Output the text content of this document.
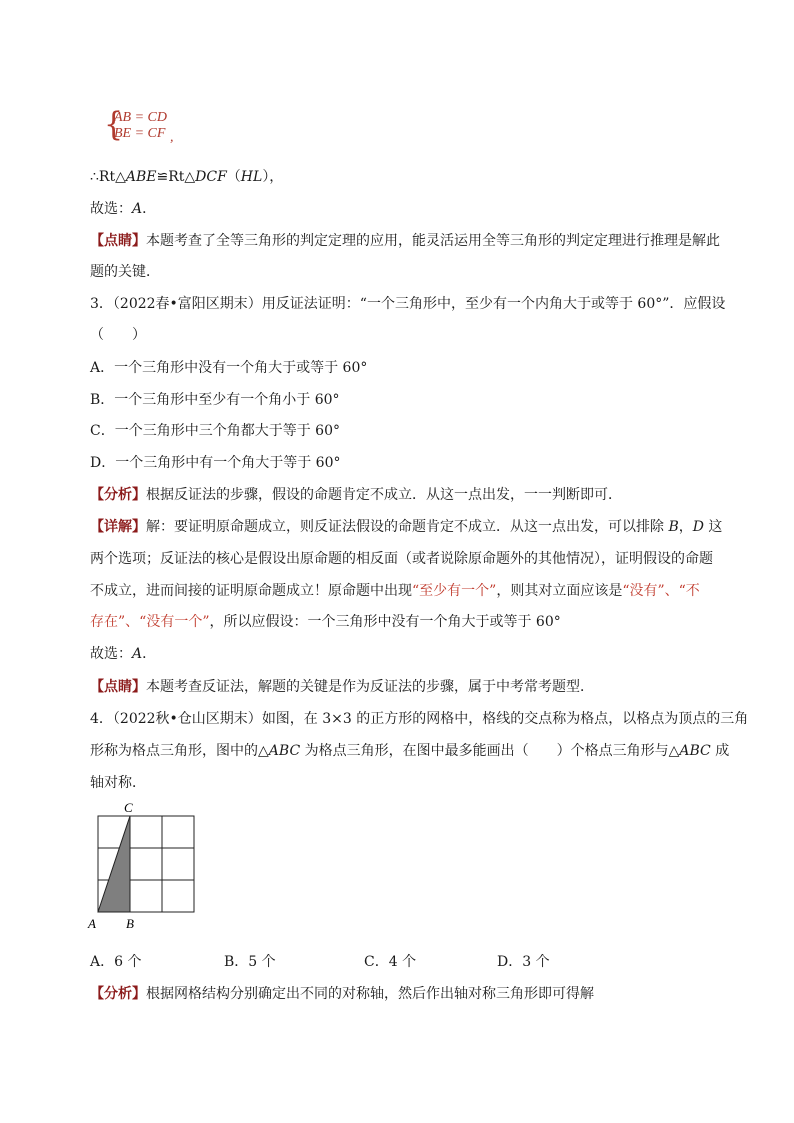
{
AB = CD
BE = CF ,
∴Rt△ABE≌Rt△DCF（HL），
故选：A．
【点睛】本题考查了全等三角形的判定定理的应用，能灵活运用全等三角形的判定定理进行推理是解此
题的关键．
3．（2022春•富阳区期末）用反证法证明：“一个三角形中，至少有一个内角大于或等于 60°”．应假设
（　　）
A．一个三角形中没有一个角大于或等于 60°
B．一个三角形中至少有一个角小于 60°
C．一个三角形中三个角都大于等于 60°
D．一个三角形中有一个角大于等于 60°
【分析】根据反证法的步骤，假设的命题肯定不成立．从这一点出发，一一判断即可．
【详解】解：要证明原命题成立，则反证法假设的命题肯定不成立．从这一点出发，可以排除 B，D 这
两个选项；反证法的核心是假设出原命题的相反面（或者说除原命题外的其他情况），证明假设的命题
不成立，进而间接的证明原命题成立！原命题中出现“至少有一个”，则其对立面应该是“没有”、“不
存在”、“没有一个”，所以应假设：一个三角形中没有一个角大于或等于 60°
故选：A．
【点睛】本题考查反证法，解题的关键是作为反证法的步骤，属于中考常考题型．
4．（2022秋•仓山区期末）如图，在 3×3 的正方形的网格中，格线的交点称为格点，以格点为顶点的三角
形称为格点三角形，图中的△ABC 为格点三角形，在图中最多能画出（　　）个格点三角形与△ABC 成
轴对称．
A B
C
A．6 个	B．5 个	C．4 个	D．3 个
【分析】根据网格结构分别确定出不同的对称轴，然后作出轴对称三角形即可得解
